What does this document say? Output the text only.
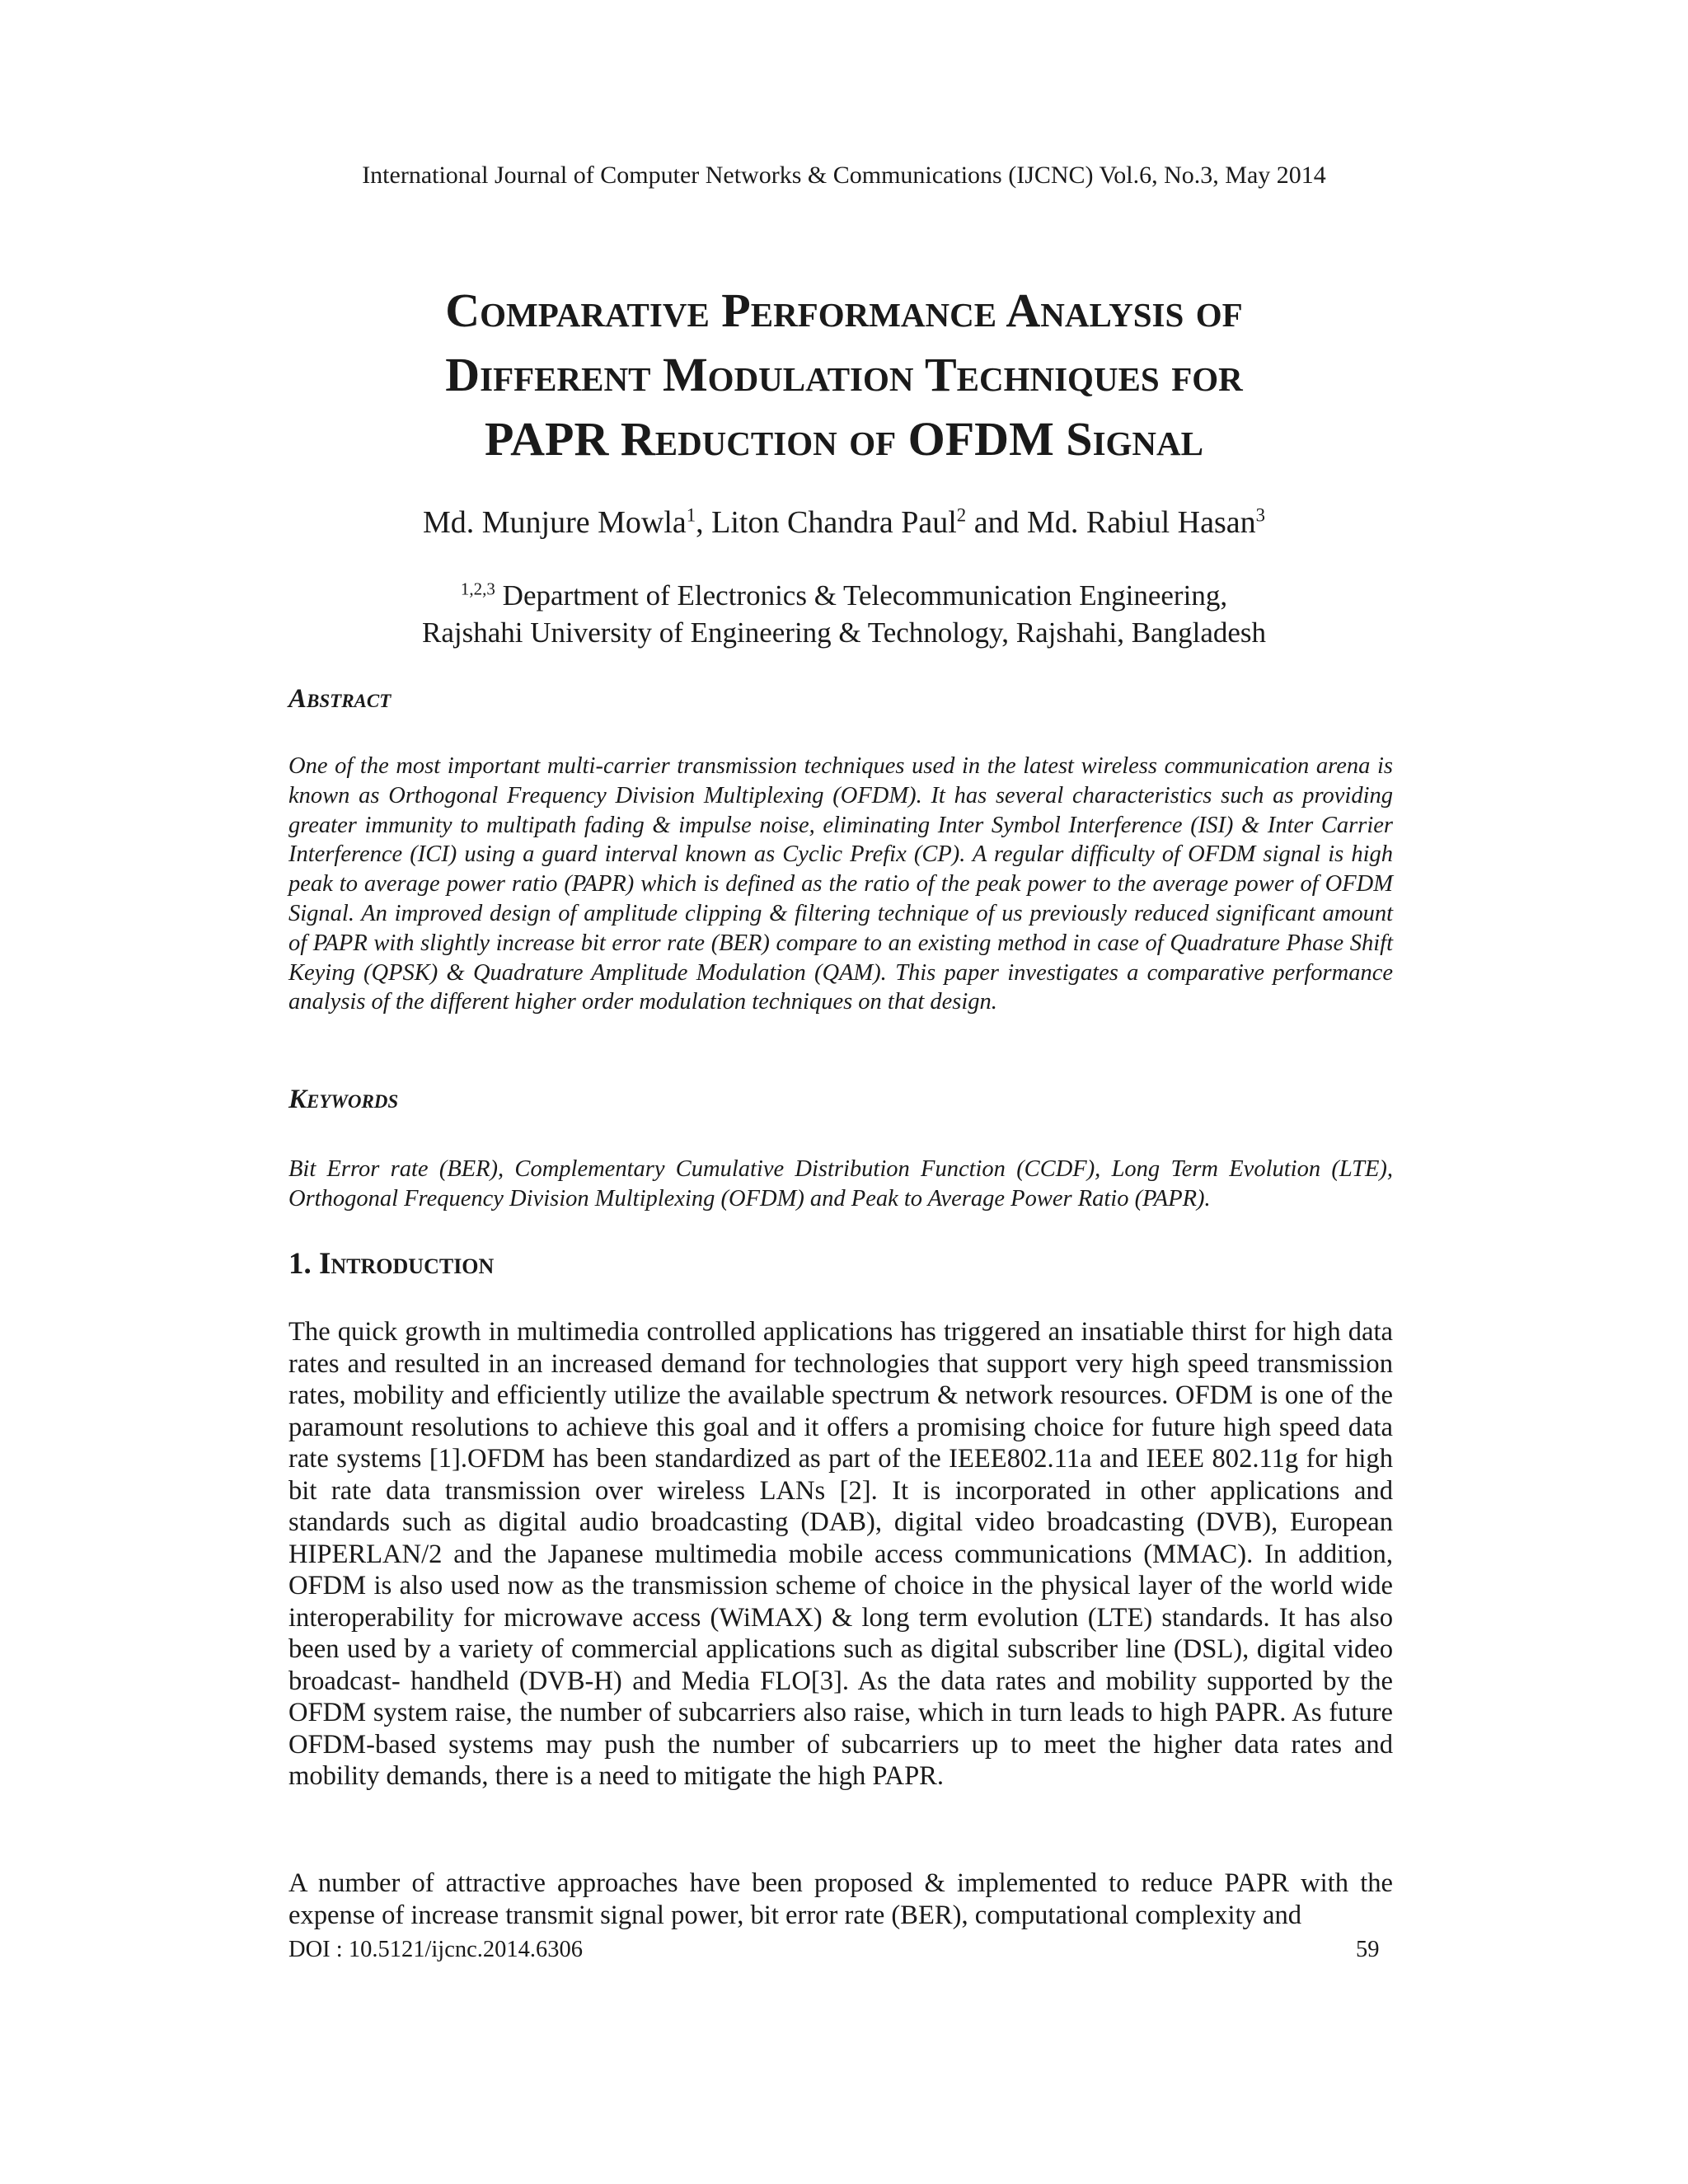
International Journal of Computer Networks & Communications (IJCNC) Vol.6, No.3, May 2014
Comparative Performance Analysis of
Different Modulation Techniques for
PAPR Reduction of OFDM Signal
Md. Munjure Mowla$^1$, Liton Chandra Paul$^2$ and Md. Rabiul Hasan$^3$
$^{1,2,3}$ Department of Electronics & Telecommunication Engineering,
Rajshahi University of Engineering & Technology, Rajshahi, Bangladesh
Abstract
One of the most important multi-carrier transmission techniques used in the latest wireless communication arena is known as Orthogonal Frequency Division Multiplexing (OFDM). It has several characteristics such as providing greater immunity to multipath fading & impulse noise, eliminating Inter Symbol Interference (ISI) & Inter Carrier Interference (ICI) using a guard interval known as Cyclic Prefix (CP). A regular difficulty of OFDM signal is high peak to average power ratio (PAPR) which is defined as the ratio of the peak power to the average power of OFDM Signal. An improved design of amplitude clipping & filtering technique of us previously reduced significant amount of PAPR with slightly increase bit error rate (BER) compare to an existing method in case of Quadrature Phase Shift Keying (QPSK) & Quadrature Amplitude Modulation (QAM). This paper investigates a comparative performance analysis of the different higher order modulation techniques on that design.
Keywords
Bit Error rate (BER), Complementary Cumulative Distribution Function (CCDF), Long Term Evolution (LTE), Orthogonal Frequency Division Multiplexing (OFDM) and Peak to Average Power Ratio (PAPR).
1. Introduction
The quick growth in multimedia controlled applications has triggered an insatiable thirst for high data rates and resulted in an increased demand for technologies that support very high speed transmission rates, mobility and efficiently utilize the available spectrum & network resources. OFDM is one of the paramount resolutions to achieve this goal and it offers a promising choice for future high speed data rate systems [1].OFDM has been standardized as part of the IEEE802.11a and IEEE 802.11g for high bit rate data transmission over wireless LANs [2]. It is incorporated in other applications and standards such as digital audio broadcasting (DAB), digital video broadcasting (DVB), European HIPERLAN/2 and the Japanese multimedia mobile access communications (MMAC). In addition, OFDM is also used now as the transmission scheme of choice in the physical layer of the world wide interoperability for microwave access (WiMAX) & long term evolution (LTE) standards. It has also been used by a variety of commercial applications such as digital subscriber line (DSL), digital video broadcast- handheld (DVB-H) and Media FLO[3]. As the data rates and mobility supported by the OFDM system raise, the number of subcarriers also raise, which in turn leads to high PAPR. As future OFDM-based systems may push the number of subcarriers up to meet the higher data rates and mobility demands, there is a need to mitigate the high PAPR.
A number of attractive approaches have been proposed & implemented to reduce PAPR with the expense of increase transmit signal power, bit error rate (BER), computational complexity and
DOI : 10.5121/ijcnc.2014.6306	59
